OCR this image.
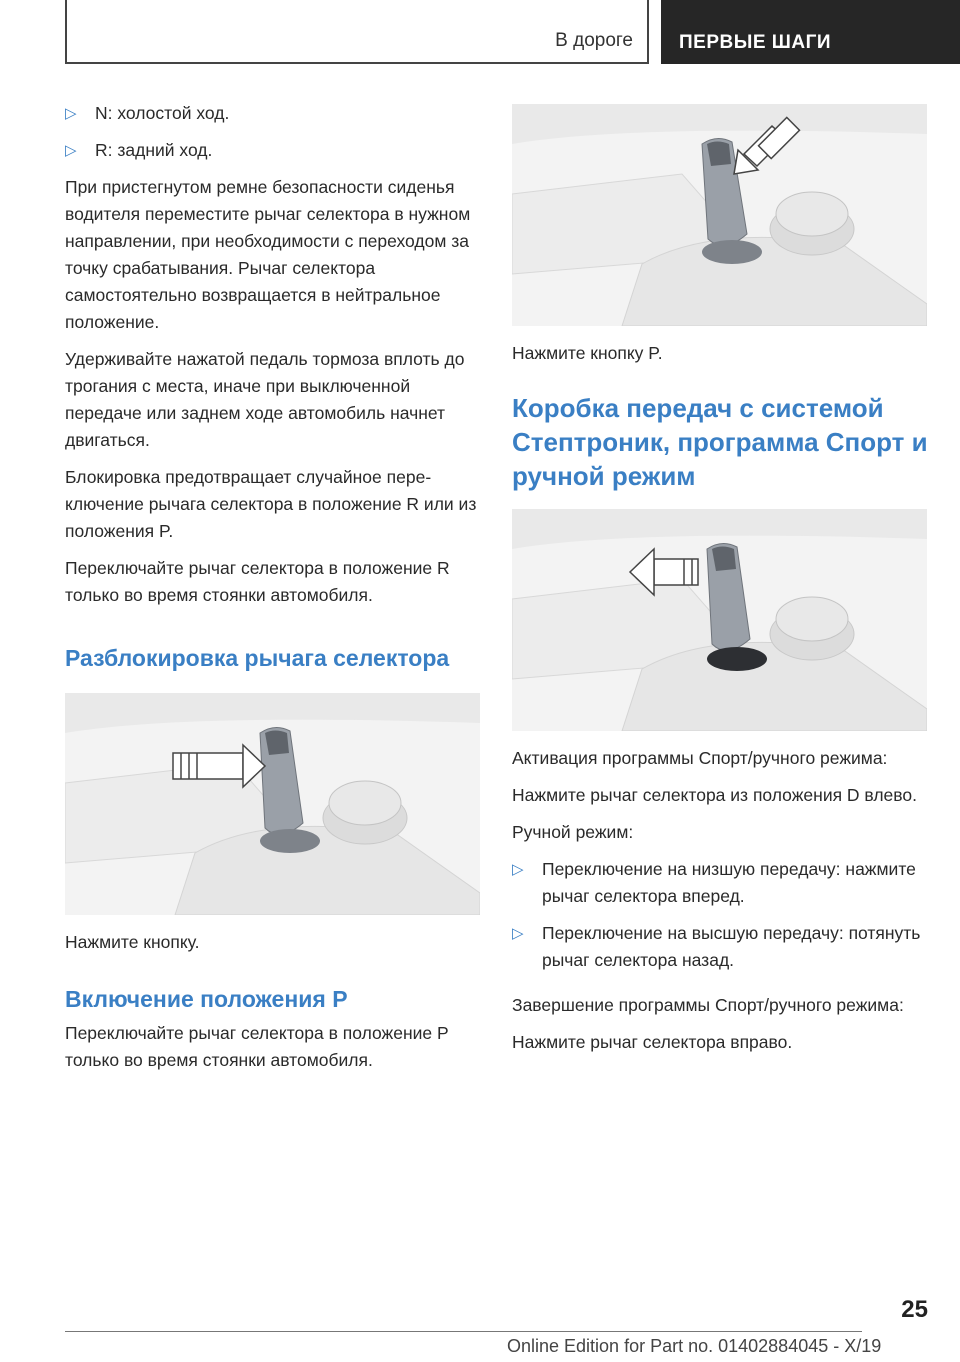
В дороге ПЕРВЫЕ ШАГИ
▷ N: холостой ход.
▷ R: задний ход.

При пристегнутом ремне безопасности сиденья водителя переместите рычаг селектора в нужном направлении, при необходимости с переходом за точку срабатывания. Рычаг селектора самостоятельно возвращается в нейтральное положение.

Удерживайте нажатой педаль тормоза вплоть до трогания с места, иначе при выключенной передаче или заднем ходе автомобиль начнет двигаться.

Блокировка предотвращает случайное переключение рычага селектора в положение R или из положения P.

Переключайте рычаг селектора в положение R только во время стоянки автомобиля.

Разблокировка рычага селектора

Нажмите кнопку.

Включение положения P

Переключайте рычаг селектора в положение P только во время стоянки автомобиля.

Нажмите кнопку P.

Коробка передач с системой Стептроник, программа Спорт и ручной режим

Активация программы Спорт/ручного режима:

Нажмите рычаг селектора из положения D влево.

Ручной режим:

▷ Переключение на низшую передачу: нажмите рычаг селектора вперед.
▷ Переключение на высшую передачу: потянуть рычаг селектора назад.

Завершение программы Спорт/ручного режима:

Нажмите рычаг селектора вправо.

25
Online Edition for Part no. 01402884045 - X/19
